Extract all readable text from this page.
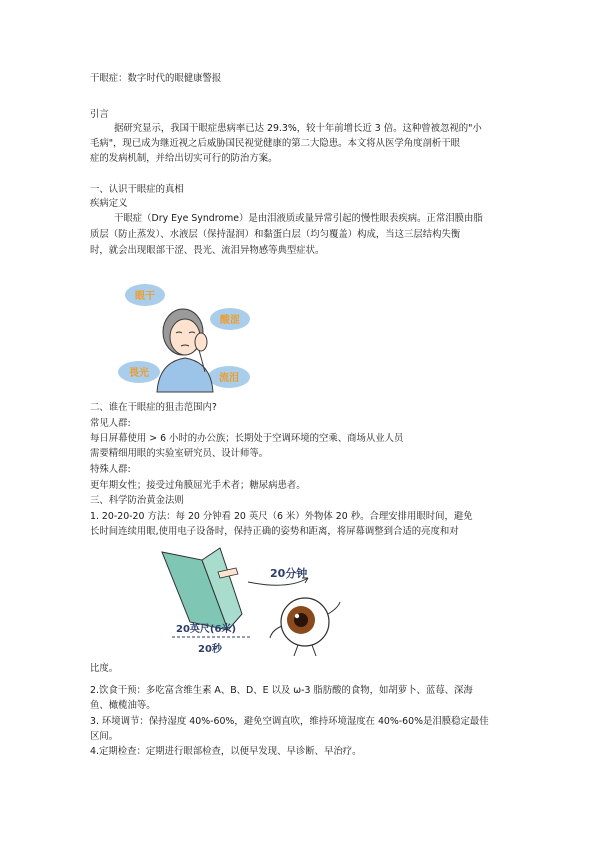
干眼症：数字时代的眼健康警报
引言
据研究显示，我国干眼症患病率已达 29.3%，较十年前增长近 3 倍。这种曾被忽视的"小
毛病"，现已成为继近视之后威胁国民视觉健康的第二大隐患。本文将从医学角度剖析干眼
症的发病机制，并给出切实可行的防治方案。
一、认识干眼症的真相
疾病定义
干眼症（Dry Eye Syndrome）是由泪液质或量异常引起的慢性眼表疾病。正常泪膜由脂
质层（防止蒸发）、水液层（保持湿润）和黏蛋白层（均匀覆盖）构成，当这三层结构失衡
时，就会出现眼部干涩、畏光、流泪异物感等典型症状。
眼干
酸涩
畏光	流泪
二、谁在干眼症的狙击范围内?
常见人群:
每日屏幕使用 > 6 小时的办公族；长期处于空调环境的空乘、商场从业人员
需要精细用眼的实验室研究员、设计师等。
特殊人群:
更年期女性；接受过角膜屈光手术者；糖尿病患者。
三、科学防治黄金法则
1. 20-20-20 方法：每 20 分钟看 20 英尺（6 米）外物体 20 秒。合理安排用眼时间，避免
长时间连续用眼,使用电子设备时，保持正确的姿势和距离，将屏幕调整到合适的亮度和对
20分钟
20英尺(6米)
20秒
比度。
2.饮食干预：多吃富含维生素 A、B、D、E 以及 ω-3 脂肪酸的食物，如胡萝卜、蓝莓、深海
鱼、橄榄油等。
3. 环境调节：保持湿度 40%-60%，避免空调直吹，维持环境湿度在 40%-60%是泪膜稳定最佳
区间。
4.定期检查：定期进行眼部检查，以便早发现、早诊断、早治疗。
